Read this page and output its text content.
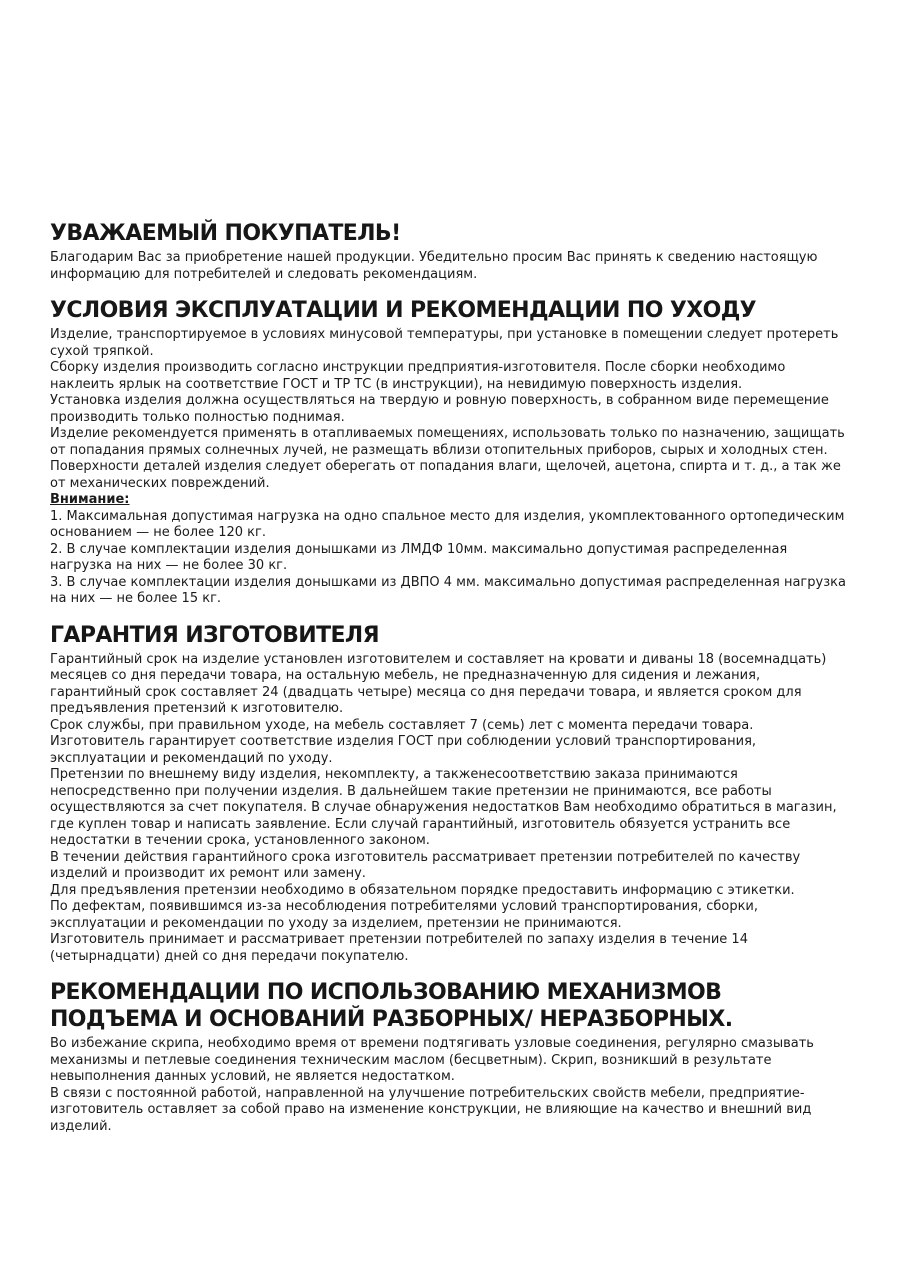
УВАЖАЕМЫЙ ПОКУПАТЕЛЬ!

Благодарим Вас за приобретение нашей продукции. Убедительно просим Вас принять к сведению настоящую информацию для потребителей и следовать рекомендациям.

УСЛОВИЯ ЭКСПЛУАТАЦИИ И РЕКОМЕНДАЦИИ ПО УХОДУ

Изделие, транспортируемое в условиях минусовой температуры, при установке в помещении следует протереть сухой тряпкой.

Сборку изделия производить согласно инструкции предприятия-изготовителя. После сборки необходимо наклеить ярлык на соответствие ГОСТ и ТР ТС (в инструкции), на невидимую поверхность изделия.

Установка изделия должна осуществляться на твердую и ровную поверхность, в собранном виде перемещение производить только полностью поднимая.

Изделие рекомендуется применять в отапливаемых помещениях, использовать только по назначению, защищать от попадания прямых солнечных лучей, не размещать вблизи отопительных приборов, сырых и холодных стен.

Поверхности деталей изделия следует оберегать от попадания влаги, щелочей, ацетона, спирта и т. д., а так же от механических повреждений.

Внимание:

1. Максимальная допустимая нагрузка на одно спальное место для изделия, укомплектованного ортопедическим основанием — не более 120 кг.

2. В случае комплектации изделия донышками из ЛМДФ 10мм. максимально допустимая распределенная нагрузка на них — не более 30 кг.

3. В случае комплектации изделия донышками из ДВПО 4 мм. максимально допустимая распределенная нагрузка на них — не более 15 кг.

ГАРАНТИЯ ИЗГОТОВИТЕЛЯ

Гарантийный срок на изделие установлен изготовителем и составляет на кровати и диваны 18 (восемнадцать) месяцев со дня передачи товара, на остальную мебель, не предназначенную для сидения и лежания, гарантийный срок составляет 24 (двадцать четыре) месяца со дня передачи товара, и является сроком для предъявления претензий к изготовителю.

Срок службы, при правильном уходе, на мебель составляет 7 (семь) лет с момента передачи товара.

Изготовитель гарантирует соответствие изделия ГОСТ при соблюдении условий транспортирования, эксплуатации и рекомендаций по уходу.

Претензии по внешнему виду изделия, некомплекту, а такженесоответствию заказа принимаются непосредственно при получении изделия. В дальнейшем такие претензии не принимаются, все работы осуществляются за счет покупателя. В случае обнаружения недостатков Вам необходимо обратиться в магазин, где куплен товар и написать заявление. Если случай гарантийный, изготовитель обязуется устранить все недостатки в течении срока, установленного законом.

В течении действия гарантийного срока изготовитель рассматривает претензии потребителей по качеству изделий и производит их ремонт или замену.

Для предъявления претензии необходимо в обязательном порядке предоставить информацию с этикетки.

По дефектам, появившимся из-за несоблюдения потребителями условий транспортирования, сборки, эксплуатации и рекомендации по уходу за изделием, претензии не принимаются.

Изготовитель принимает и рассматривает претензии потребителей по запаху изделия в течение 14 (четырнадцати) дней со дня передачи покупателю.

РЕКОМЕНДАЦИИ ПО ИСПОЛЬЗОВАНИЮ МЕХАНИЗМОВ ПОДЪЕМА И ОСНОВАНИЙ РАЗБОРНЫХ/ НЕРАЗБОРНЫХ.

Во избежание скрипа, необходимо время от времени подтягивать узловые соединения, регулярно смазывать механизмы и петлевые соединения техническим маслом (бесцветным). Скрип, возникший в результате невыполнения данных условий, не является недостатком.

В связи с постоянной работой, направленной на улучшение потребительских свойств мебели, предприятие-изготовитель оставляет за собой право на изменение конструкции, не влияющие на качество и внешний вид изделий.
